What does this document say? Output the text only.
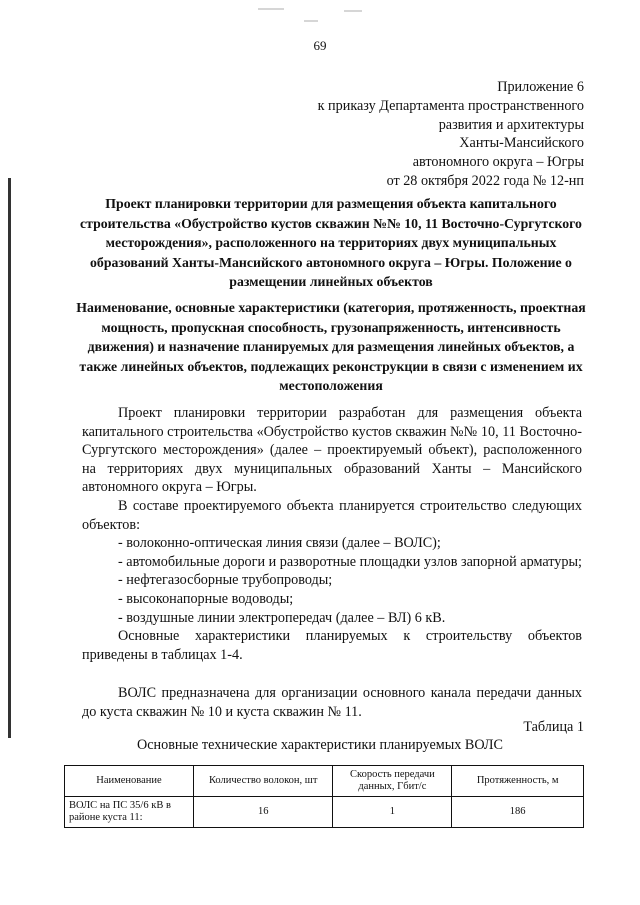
69
Приложение 6
к приказу Департамента пространственного
развития и архитектуры
Ханты-Мансийского
автономного округа – Югры
от 28 октября 2022 года № 12-нп
Проект планировки территории для размещения объекта капитального строительства «Обустройство кустов скважин №№ 10, 11 Восточно-Сургутского месторождения», расположенного на территориях двух муниципальных образований Ханты-Мансийского автономного округа – Югры. Положение о размещении линейных объектов
Наименование, основные характеристики (категория, протяженность, проектная мощность, пропускная способность, грузонапряженность, интенсивность движения) и назначение планируемых для размещения линейных объектов, а также линейных объектов, подлежащих реконструкции в связи с изменением их местоположения

Проект планировки территории разработан для размещения объекта капитального строительства «Обустройство кустов скважин №№ 10, 11 Восточно-Сургутского месторождения» (далее – проектируемый объект), расположенного на территориях двух муниципальных образований Ханты – Мансийского автономного округа – Югры.

В составе проектируемого объекта планируется строительство следующих объектов:

- волоконно-оптическая линия связи (далее – ВОЛС);

- автомобильные дороги и разворотные площадки узлов запорной арматуры;

- нефтегазосборные трубопроводы;

- высоконапорные водоводы;

- воздушные линии электропередач (далее – ВЛ) 6 кВ.

Основные характеристики планируемых к строительству объектов приведены в таблицах 1-4.

ВОЛС предназначена для организации основного канала передачи данных до куста скважин № 10 и куста скважин № 11.

Таблица 1
Основные технические характеристики планируемых ВОЛС
Наименование	Количество волокон, шт	Скорость передачи данных, Гбит/с	Протяженность, м
ВОЛС на ПС 35/6 кВ в районе куста 11:	16	1	186
